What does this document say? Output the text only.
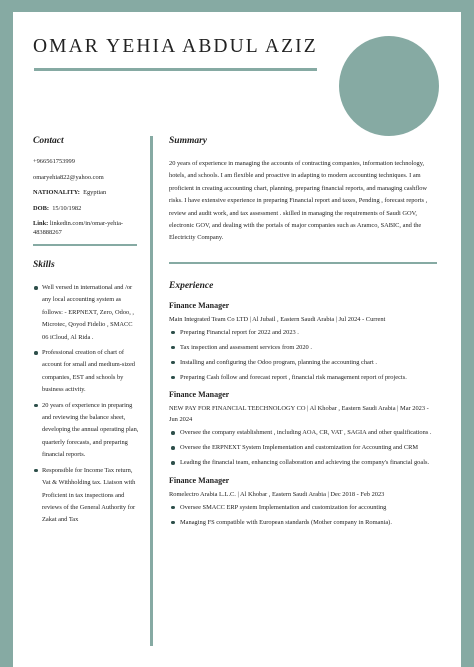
OMAR YEHIA ABDUL AZIZ
Contact
+966561753999
omaryehia822@yahoo.com
NATIONALITY: Egyptian
DOB: 15/10/1982
Link: linkedin.com/in/omar-yehia-483888267
Skills
Well versed in international and /or any local accounting system as follows: - ERPNEXT, Zero, Odoo, , Microtec, Qoyod Fidelio , SMACC 06 iCloud, Al Rida .
Professional creation of chart of account for small and medium-sized companies, EST and schools by business activity.
20 years of experience in preparing and reviewing the balance sheet, developing the annual operating plan, quarterly forecasts, and preparing financial reports.
Responsible for Income Tax return, Vat & Withholding tax. Liaison with Proficient in tax inspections and reviews of the General Authority for Zakat and Tax
Summary

20 years of experience in managing the accounts of contracting companies, information technology, hotels, and schools. I am flexible and proactive in adapting to modern accounting techniques. I am proficient in creating accounting chart, planning, preparing financial reports, and managing cashflow risks. I have extensive experience in preparing Financial report and taxes, Pending , forecast reports , review and audit work, and tax assessment . skilled in managing the requirements of Saudi GOV, electronic GOV, and dealing with the portals of major companies such as Aramco, SABIC, and the Electricity Company.

Experience
Finance Manager
Main Integrated Team Co LTD | Al Jubail , Eastern Saudi Arabia | Jul 2024 - Current
Preparing Financial report for 2022 and 2023 .
Tax inspection and assessment services from 2020 .
Installing and configuring the Odoo program, planning the accounting chart .
Preparing Cash follow and forecast report , financial risk management report of projects.
Finance Manager
NEW PAY FOR FINANCIAL TEECHNOLOGY CO | Al Khobar , Eastern Saudi Arabia | Mar 2023 - Jun 2024
Oversee the company establishment , including AOA, CR, VAT , SAGIA and other qualifications .
Oversee the ERPNEXT System Implementation and customization for Accounting and CRM
Leading the financial team, enhancing collaboration and achieving the company's financial goals.
Finance Manager
Romelectro Arabia L.L.C. | Al Khobar , Eastern Saudi Arabia | Dec 2018 - Feb 2023
Oversee SMACC ERP system Implementation and customization for accounting
Managing FS compatible with European standards (Mother company in Romania).
